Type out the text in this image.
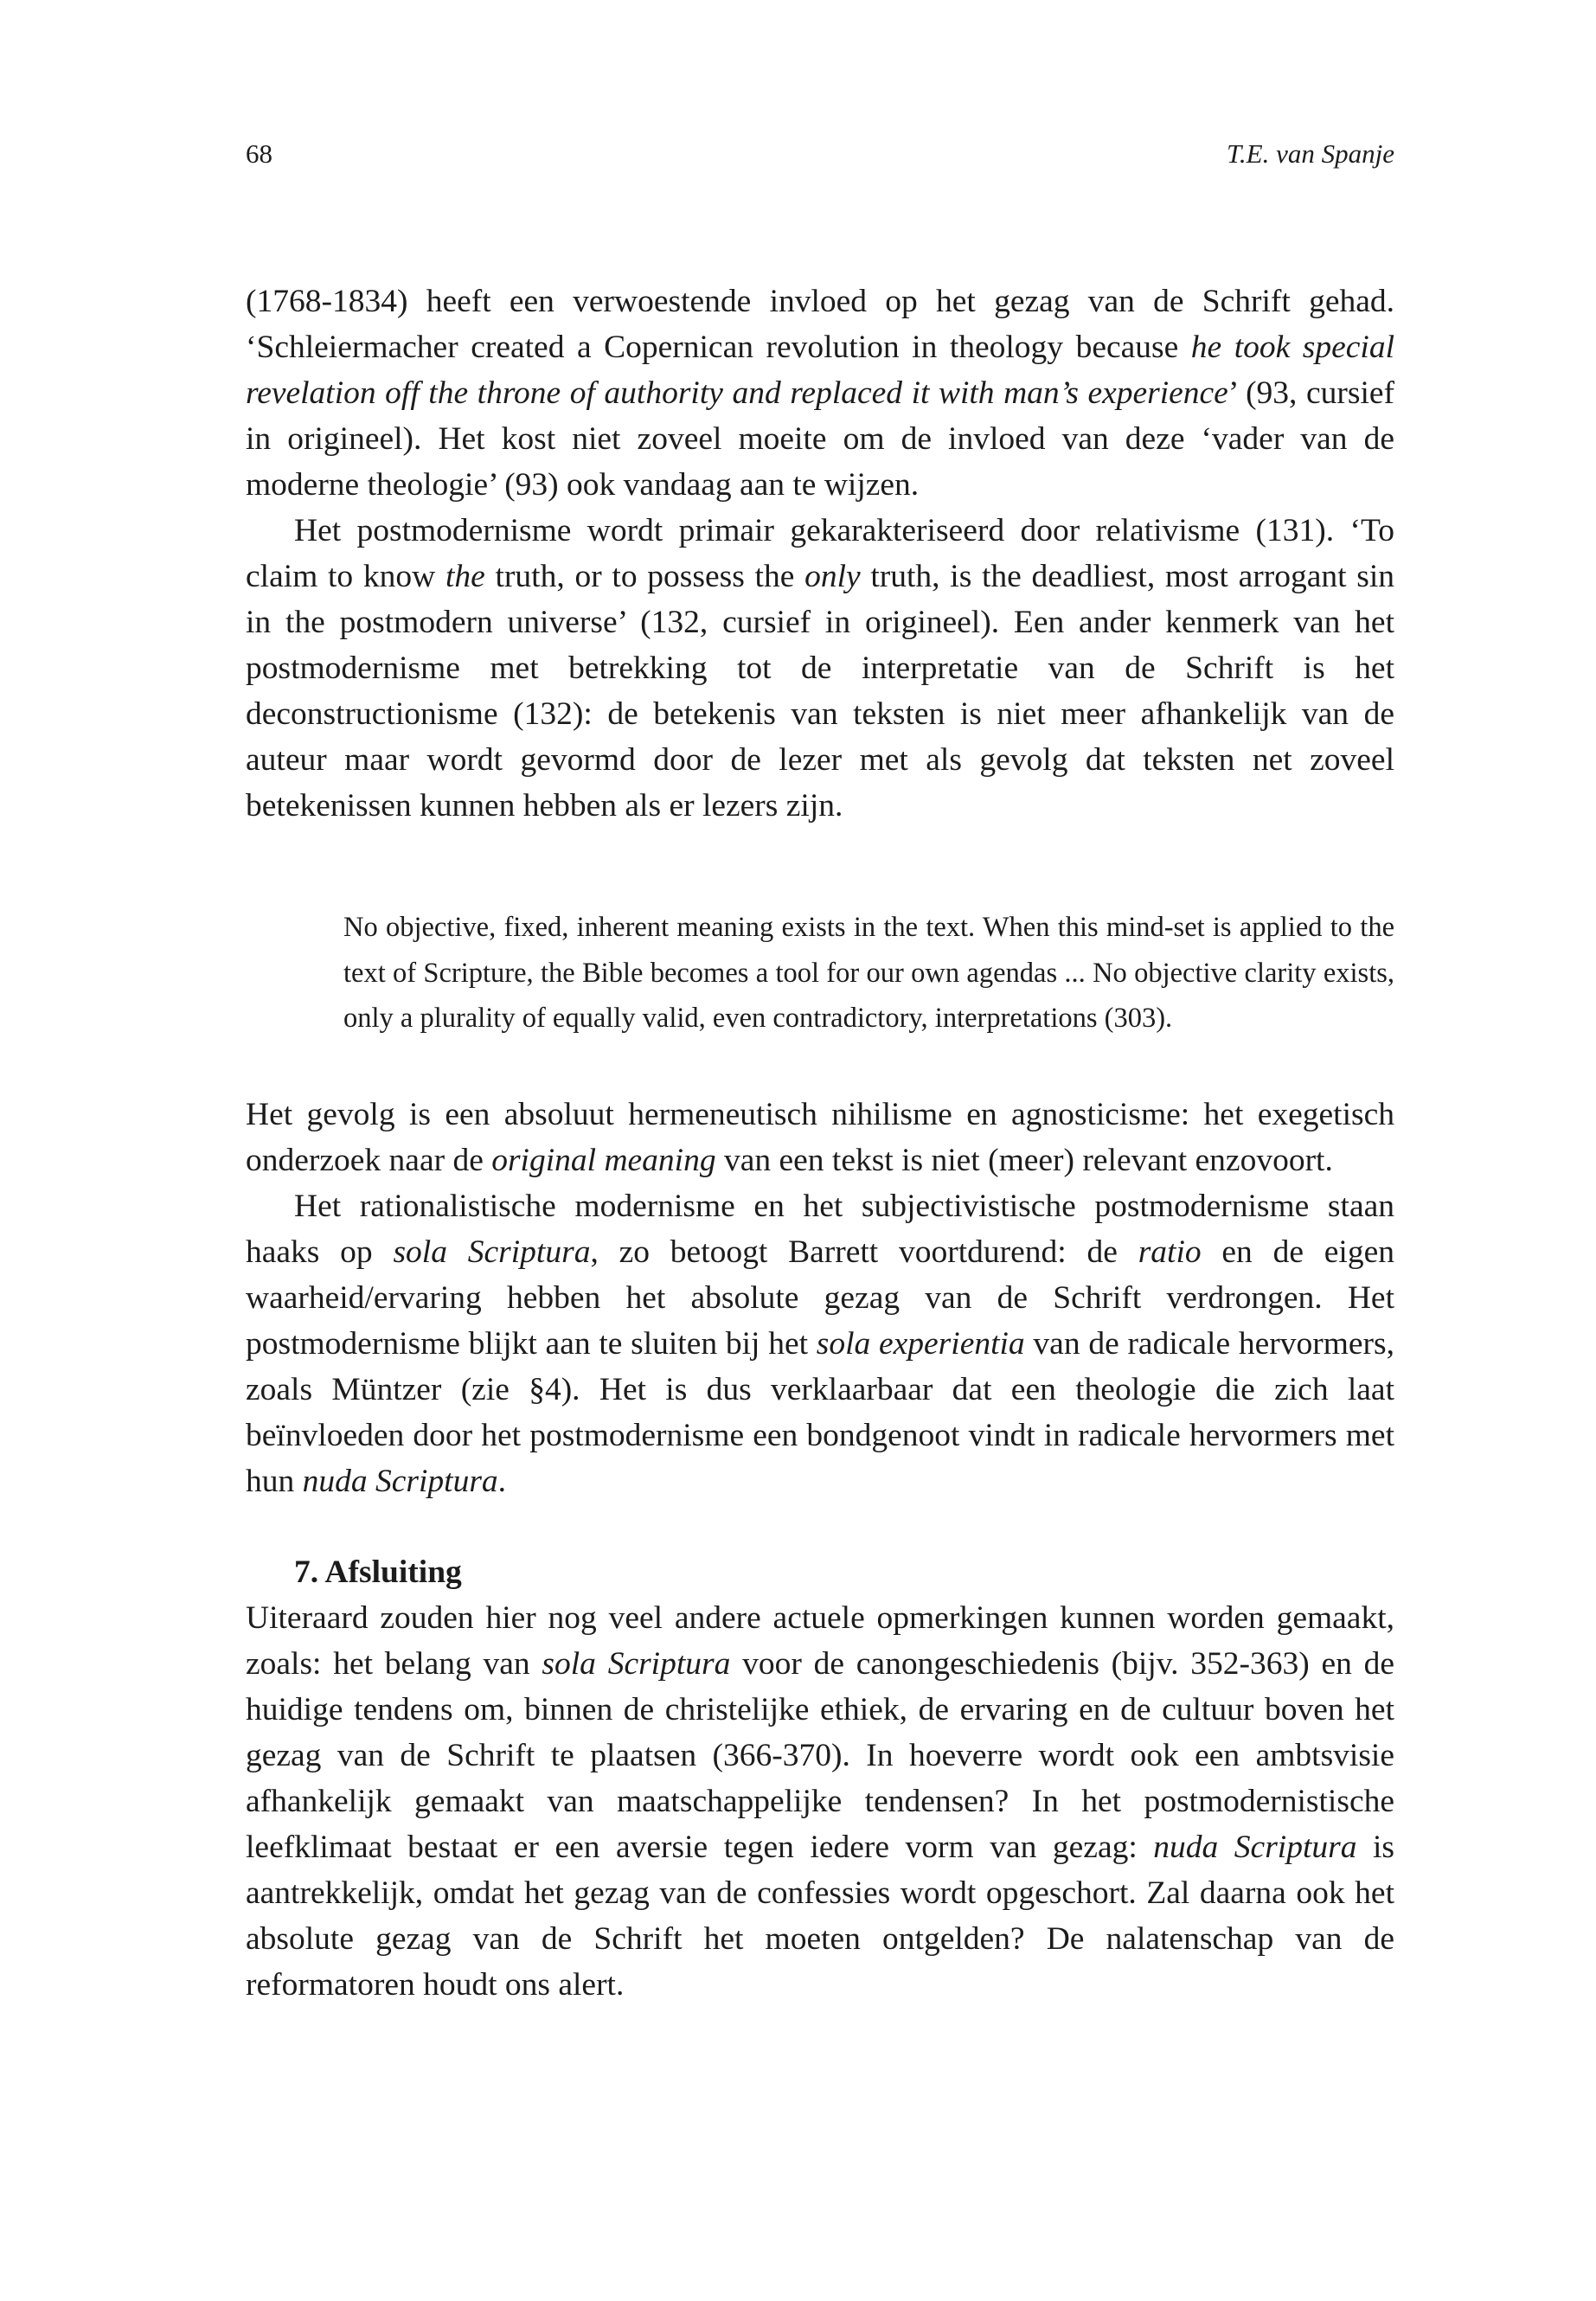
68	T.E. van Spanje

(1768-1834) heeft een verwoestende invloed op het gezag van de Schrift gehad. ‘Schleiermacher created a Copernican revolution in theology because he took special revelation off the throne of authority and replaced it with man’s experience’ (93, cursief in origineel). Het kost niet zoveel moeite om de invloed van deze ‘vader van de moderne theologie’ (93) ook vandaag aan te wijzen.

Het postmodernisme wordt primair gekarakteriseerd door relativisme (131). ‘To claim to know the truth, or to possess the only truth, is the deadliest, most arrogant sin in the postmodern universe’ (132, cursief in origineel). Een ander kenmerk van het postmodernisme met betrekking tot de interpretatie van de Schrift is het deconstructionisme (132): de betekenis van teksten is niet meer afhankelijk van de auteur maar wordt gevormd door de lezer met als gevolg dat teksten net zoveel betekenissen kunnen hebben als er lezers zijn.

No objective, fixed, inherent meaning exists in the text. When this mind-set is applied to the text of Scripture, the Bible becomes a tool for our own agendas ... No objective clarity exists, only a plurality of equally valid, even contradictory, interpretations (303).

Het gevolg is een absoluut hermeneutisch nihilisme en agnosticisme: het exegetisch onderzoek naar de original meaning van een tekst is niet (meer) relevant enzovoort.

Het rationalistische modernisme en het subjectivistische postmodernisme staan haaks op sola Scriptura, zo betoogt Barrett voortdurend: de ratio en de eigen waarheid/ervaring hebben het absolute gezag van de Schrift verdrongen. Het postmodernisme blijkt aan te sluiten bij het sola experientia van de radicale hervormers, zoals Müntzer (zie §4). Het is dus verklaarbaar dat een theologie die zich laat beïnvloeden door het postmodernisme een bondgenoot vindt in radicale hervormers met hun nuda Scriptura.

7. Afsluiting

Uiteraard zouden hier nog veel andere actuele opmerkingen kunnen worden gemaakt, zoals: het belang van sola Scriptura voor de canongeschiedenis (bijv. 352-363) en de huidige tendens om, binnen de christelijke ethiek, de ervaring en de cultuur boven het gezag van de Schrift te plaatsen (366-370). In hoeverre wordt ook een ambtsvisie afhankelijk gemaakt van maatschappelijke tendensen? In het postmodernistische leefklimaat bestaat er een aversie tegen iedere vorm van gezag: nuda Scriptura is aantrekkelijk, omdat het gezag van de confessies wordt opgeschort. Zal daarna ook het absolute gezag van de Schrift het moeten ontgelden? De nalatenschap van de reformatoren houdt ons alert.
